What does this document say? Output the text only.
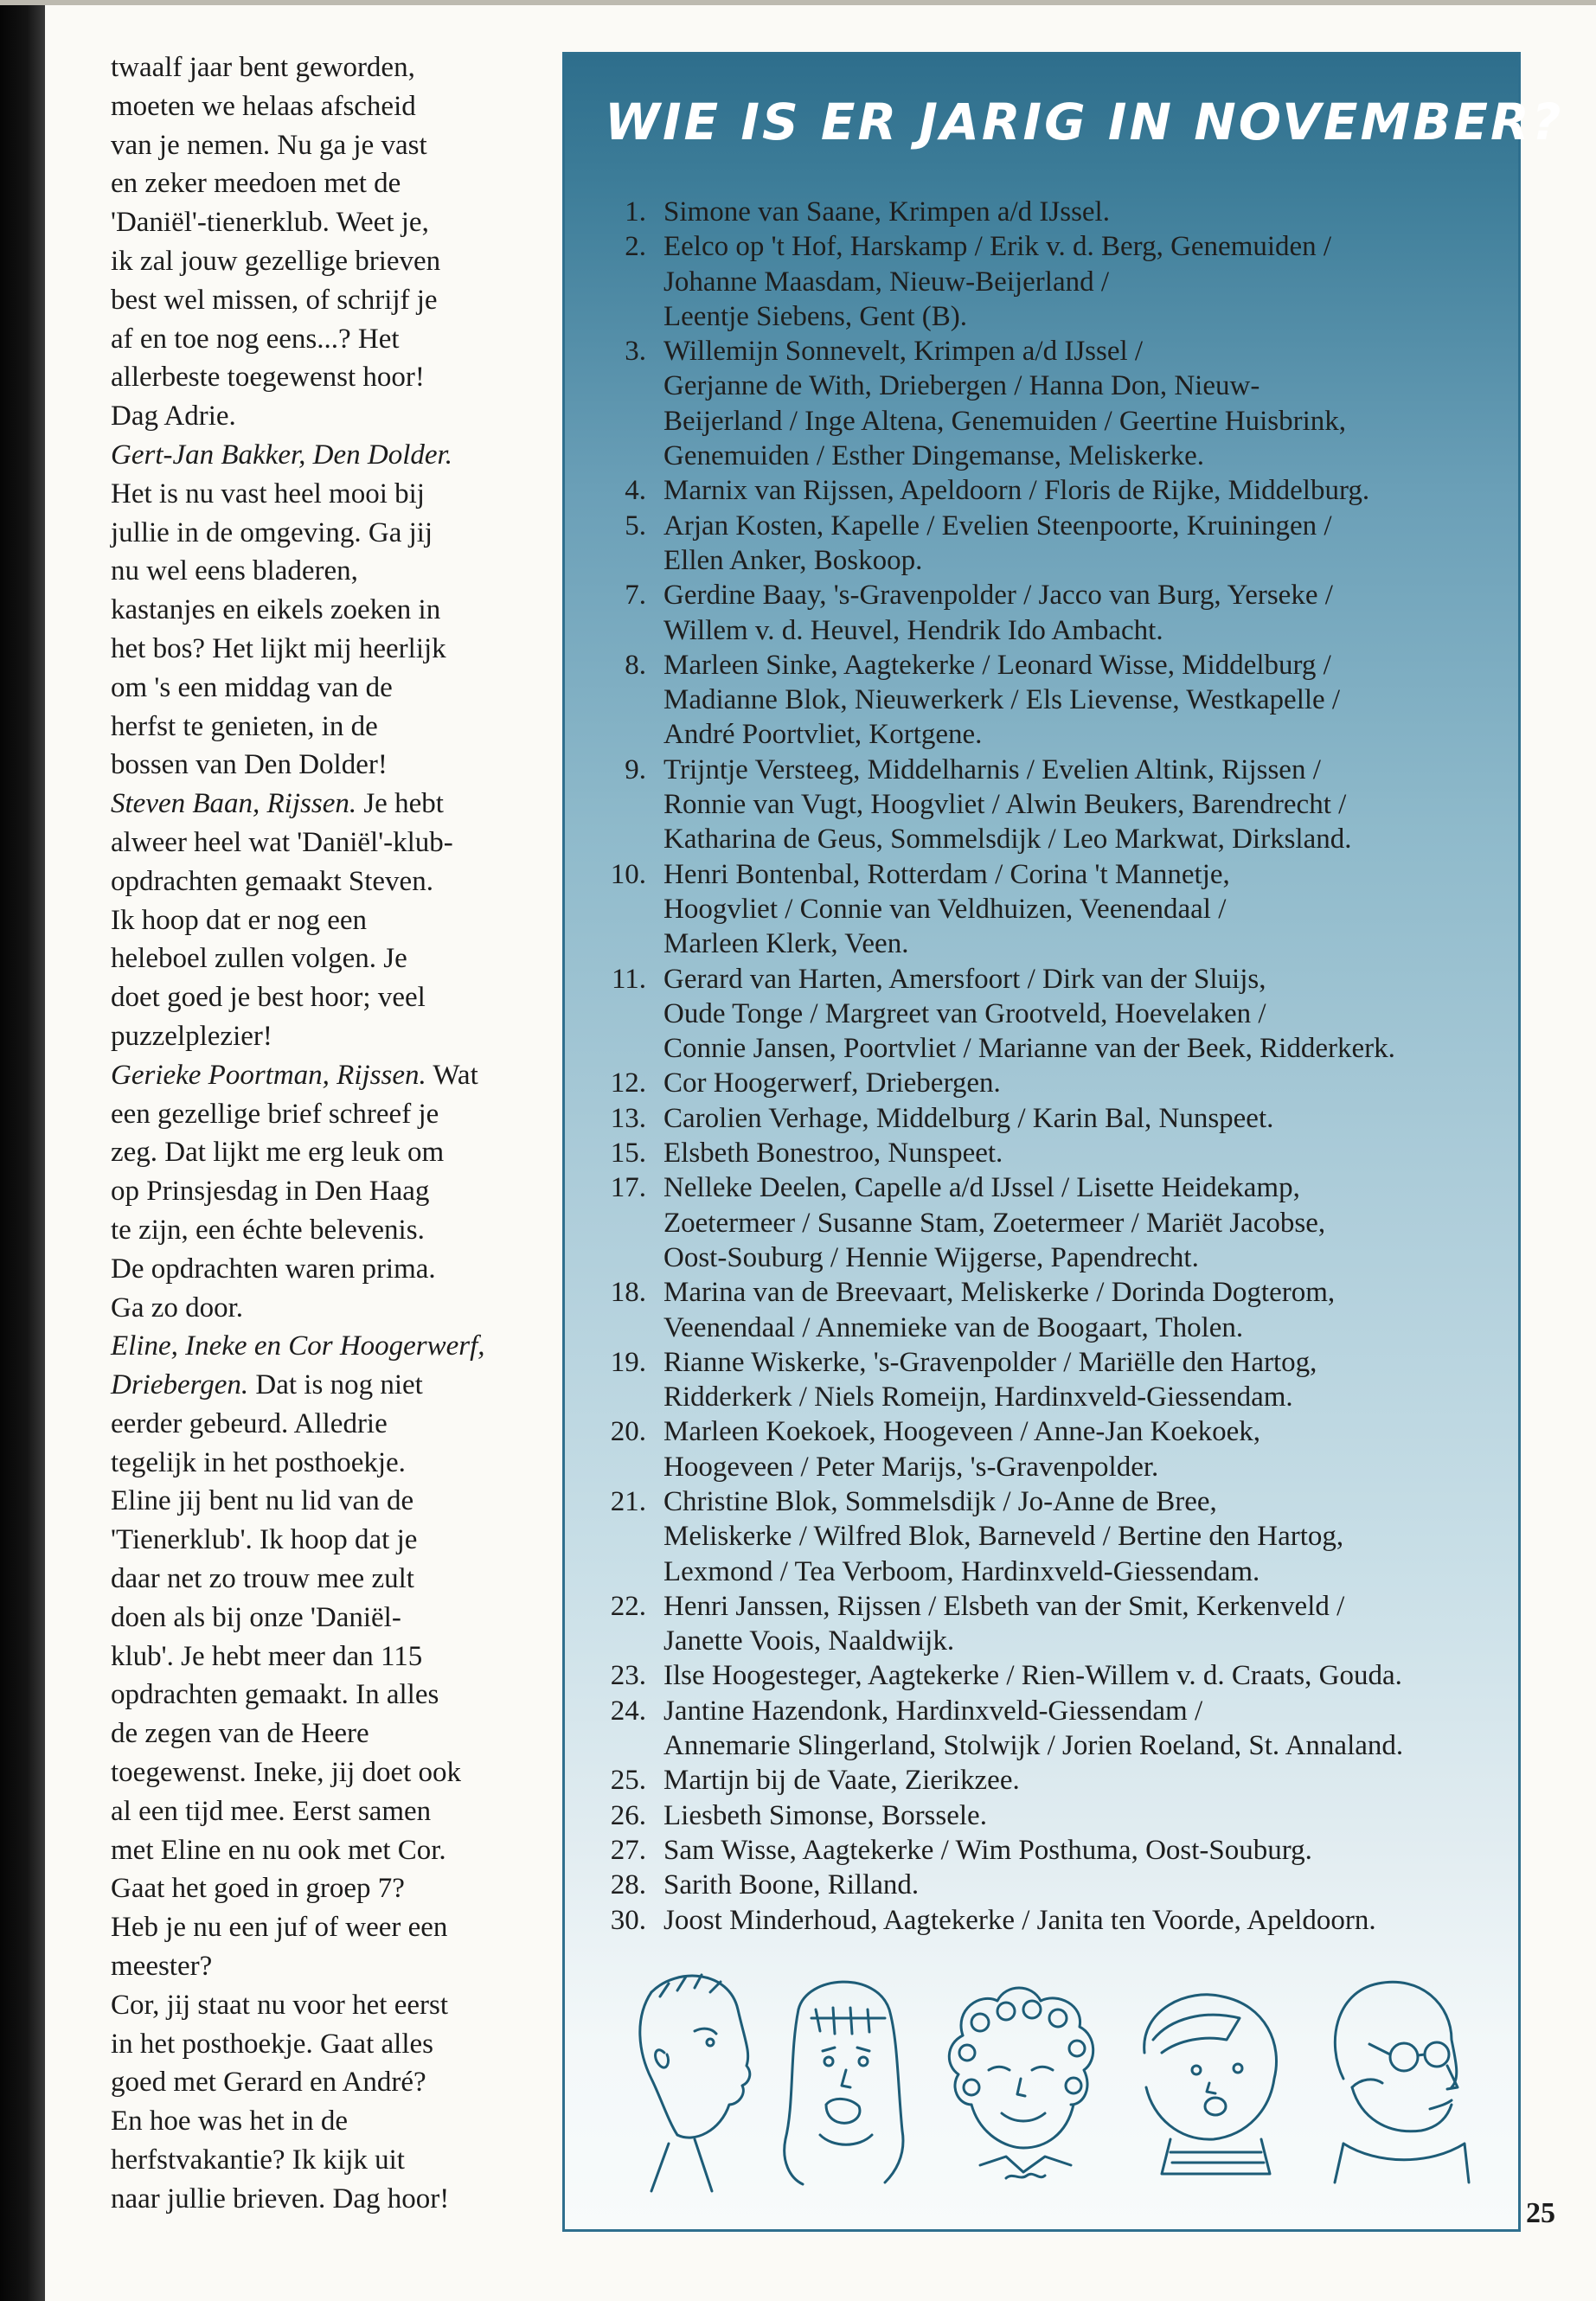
twaalf jaar bent geworden,
moeten we helaas afscheid
van je nemen. Nu ga je vast
en zeker meedoen met de
'Daniël'-tienerklub. Weet je,
ik zal jouw gezellige brieven
best wel missen, of schrijf je
af en toe nog eens...? Het
allerbeste toegewenst hoor!
Dag Adrie.

Gert-Jan Bakker, Den Dolder.
Het is nu vast heel mooi bij
jullie in de omgeving. Ga jij
nu wel eens bladeren,
kastanjes en eikels zoeken in
het bos? Het lijkt mij heerlijk
om 's een middag van de
herfst te genieten, in de
bossen van Den Dolder!

Steven Baan, Rijssen. Je hebt
alweer heel wat 'Daniël'-klub-
opdrachten gemaakt Steven.
Ik hoop dat er nog een
heleboel zullen volgen. Je
doet goed je best hoor; veel
puzzelplezier!

Gerieke Poortman, Rijssen. Wat
een gezellige brief schreef je
zeg. Dat lijkt me erg leuk om
op Prinsjesdag in Den Haag
te zijn, een échte belevenis.
De opdrachten waren prima.
Ga zo door.

Eline, Ineke en Cor Hoogerwerf,
Driebergen. Dat is nog niet
eerder gebeurd. Alledrie
tegelijk in het posthoekje.
Eline jij bent nu lid van de
'Tienerklub'. Ik hoop dat je
daar net zo trouw mee zult
doen als bij onze 'Daniël-
klub'. Je hebt meer dan 115
opdrachten gemaakt. In alles
de zegen van de Heere
toegewenst. Ineke, jij doet ook
al een tijd mee. Eerst samen
met Eline en nu ook met Cor.
Gaat het goed in groep 7?
Heb je nu een juf of weer een
meester?
Cor, jij staat nu voor het eerst
in het posthoekje. Gaat alles
goed met Gerard en André?
En hoe was het in de
herfstvakantie? Ik kijk uit
naar jullie brieven. Dag hoor!

WIE IS ER JARIG IN NOVEMBER?
1. Simone van Saane, Krimpen a/d IJssel.
2. Eelco op 't Hof, Harskamp / Erik v. d. Berg, Genemuiden /
Johanne Maasdam, Nieuw-Beijerland /
Leentje Siebens, Gent (B).
3. Willemijn Sonnevelt, Krimpen a/d IJssel /
Gerjanne de With, Driebergen / Hanna Don, Nieuw-
Beijerland / Inge Altena, Genemuiden / Geertine Huisbrink,
Genemuiden / Esther Dingemanse, Meliskerke.
4. Marnix van Rijssen, Apeldoorn / Floris de Rijke, Middelburg.
5. Arjan Kosten, Kapelle / Evelien Steenpoorte, Kruiningen /
Ellen Anker, Boskoop.
7. Gerdine Baay, 's-Gravenpolder / Jacco van Burg, Yerseke /
Willem v. d. Heuvel, Hendrik Ido Ambacht.
8. Marleen Sinke, Aagtekerke / Leonard Wisse, Middelburg /
Madianne Blok, Nieuwerkerk / Els Lievense, Westkapelle /
André Poortvliet, Kortgene.
9. Trijntje Versteeg, Middelharnis / Evelien Altink, Rijssen /
Ronnie van Vugt, Hoogvliet / Alwin Beukers, Barendrecht /
Katharina de Geus, Sommelsdijk / Leo Markwat, Dirksland.
10. Henri Bontenbal, Rotterdam / Corina 't Mannetje,
Hoogvliet / Connie van Veldhuizen, Veenendaal /
Marleen Klerk, Veen.
11. Gerard van Harten, Amersfoort / Dirk van der Sluijs,
Oude Tonge / Margreet van Grootveld, Hoevelaken /
Connie Jansen, Poortvliet / Marianne van der Beek, Ridderkerk.
12. Cor Hoogerwerf, Driebergen.
13. Carolien Verhage, Middelburg / Karin Bal, Nunspeet.
15. Elsbeth Bonestroo, Nunspeet.
17. Nelleke Deelen, Capelle a/d IJssel / Lisette Heidekamp,
Zoetermeer / Susanne Stam, Zoetermeer / Mariët Jacobse,
Oost-Souburg / Hennie Wijgerse, Papendrecht.
18. Marina van de Breevaart, Meliskerke / Dorinda Dogterom,
Veenendaal / Annemieke van de Boogaart, Tholen.
19. Rianne Wiskerke, 's-Gravenpolder / Mariëlle den Hartog,
Ridderkerk / Niels Romeijn, Hardinxveld-Giessendam.
20. Marleen Koekoek, Hoogeveen / Anne-Jan Koekoek,
Hoogeveen / Peter Marijs, 's-Gravenpolder.
21. Christine Blok, Sommelsdijk / Jo-Anne de Bree,
Meliskerke / Wilfred Blok, Barneveld / Bertine den Hartog,
Lexmond / Tea Verboom, Hardinxveld-Giessendam.
22. Henri Janssen, Rijssen / Elsbeth van der Smit, Kerkenveld /
Janette Voois, Naaldwijk.
23. Ilse Hoogesteger, Aagtekerke / Rien-Willem v. d. Craats, Gouda.
24. Jantine Hazendonk, Hardinxveld-Giessendam /
Annemarie Slingerland, Stolwijk / Jorien Roeland, St. Annaland.
25. Martijn bij de Vaate, Zierikzee.
26. Liesbeth Simonse, Borssele.
27. Sam Wisse, Aagtekerke / Wim Posthuma, Oost-Souburg.
28. Sarith Boone, Rilland.
30. Joost Minderhoud, Aagtekerke / Janita ten Voorde, Apeldoorn.
25
